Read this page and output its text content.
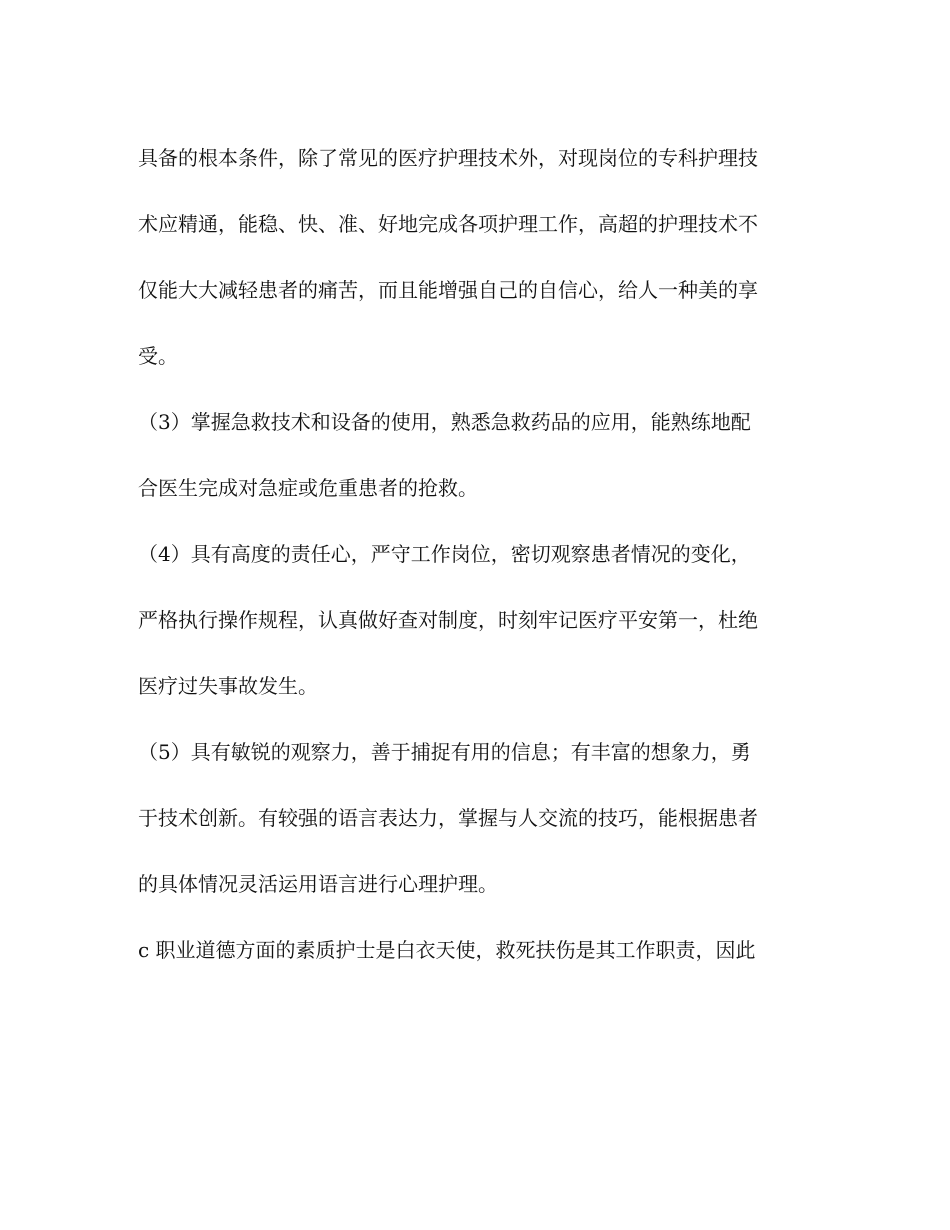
具备的根本条件，除了常见的医疗护理技术外，对现岗位的专科护理技

术应精通，能稳、快、准、好地完成各项护理工作，高超的护理技术不

仅能大大减轻患者的痛苦，而且能增强自己的自信心，给人一种美的享

受。

（3）掌握急救技术和设备的使用，熟悉急救药品的应用，能熟练地配

合医生完成对急症或危重患者的抢救。

（4）具有高度的责任心，严守工作岗位，密切观察患者情况的变化，

严格执行操作规程，认真做好查对制度，时刻牢记医疗平安第一，杜绝

医疗过失事故发生。

（5）具有敏锐的观察力，善于捕捉有用的信息；有丰富的想象力，勇

于技术创新。有较强的语言表达力，掌握与人交流的技巧，能根据患者

的具体情况灵活运用语言进行心理护理。

c 职业道德方面的素质护士是白衣天使，救死扶伤是其工作职责，因此
